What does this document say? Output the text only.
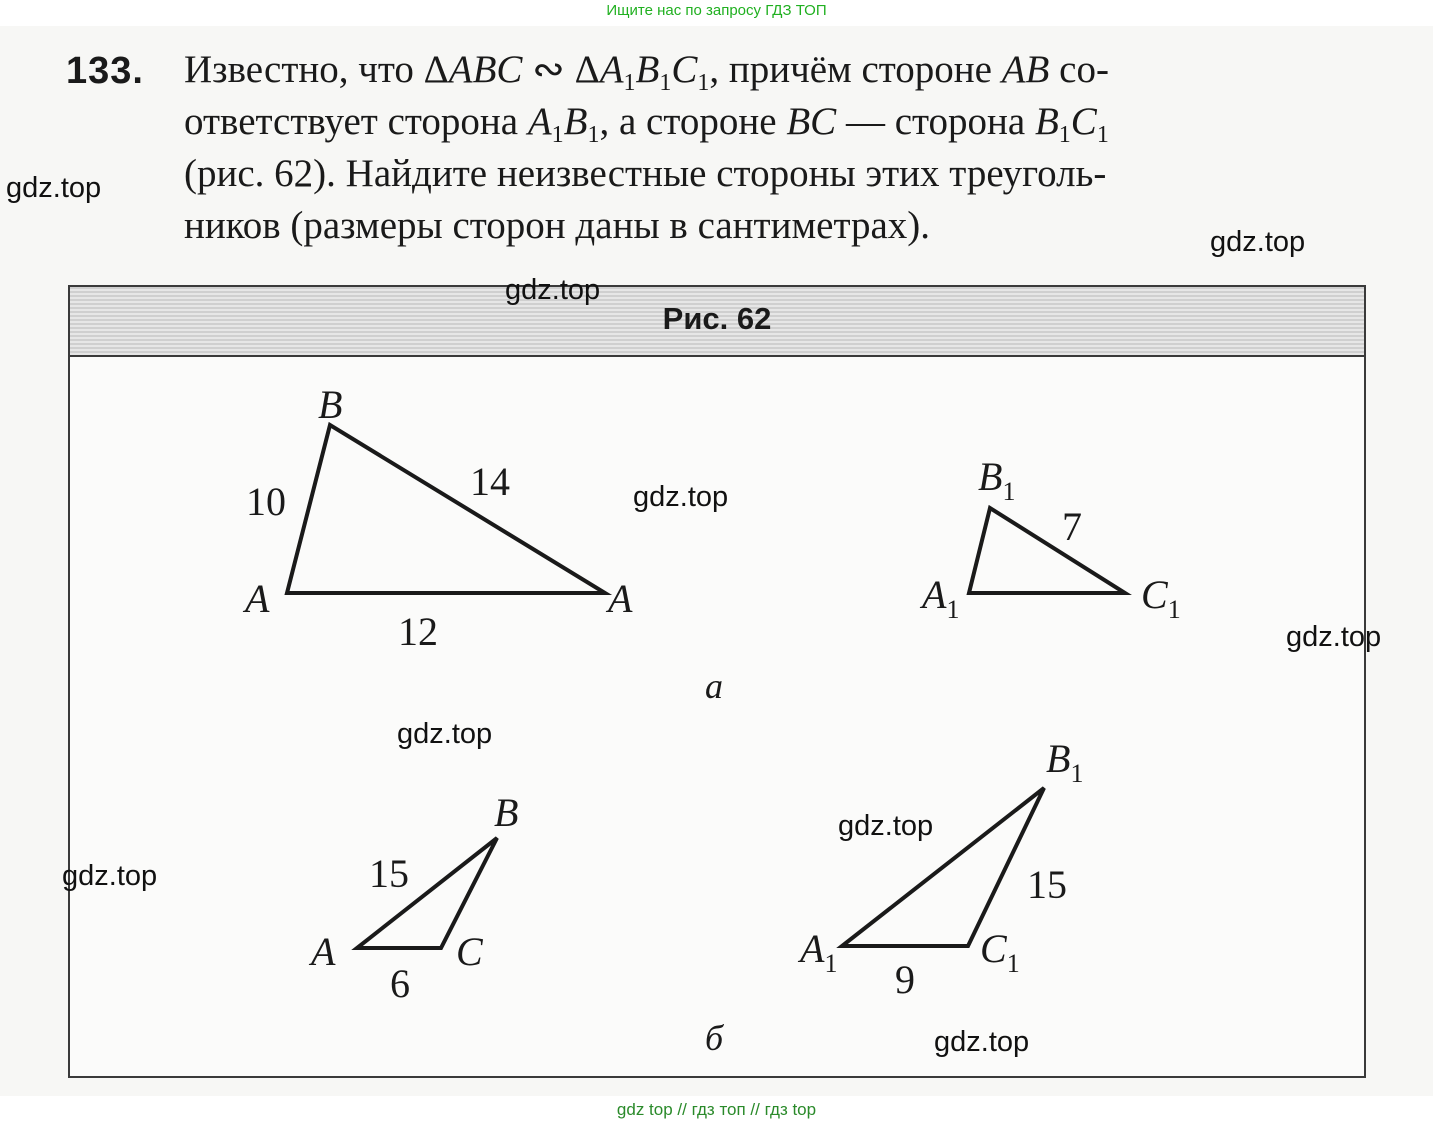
Ищите нас по запросу ГДЗ ТОП
133. Известно, что ΔABC ∾ $\Delta A_1B_1C_1$, причём стороне AB со-
ответствует сторона $A_1B_1$, а стороне BC — сторона $B_1C_1$
(рис. 62). Найдите неизвестные стороны этих треуголь-
ников (размеры сторон даны в сантиметрах).
Рис. 62
B
A	A
10	14
12
$B_1$
$A_1$	$C_1$
7
а
B
A	C
15
6
$B_1$
$A_1$	$C_1$
15
9
б
gdz.top
gdz.top
gdz.top
gdz.top
gdz.top
gdz.top
gdz.top
gdz.top
gdz.top
gdz top // гдз топ // гдз top
